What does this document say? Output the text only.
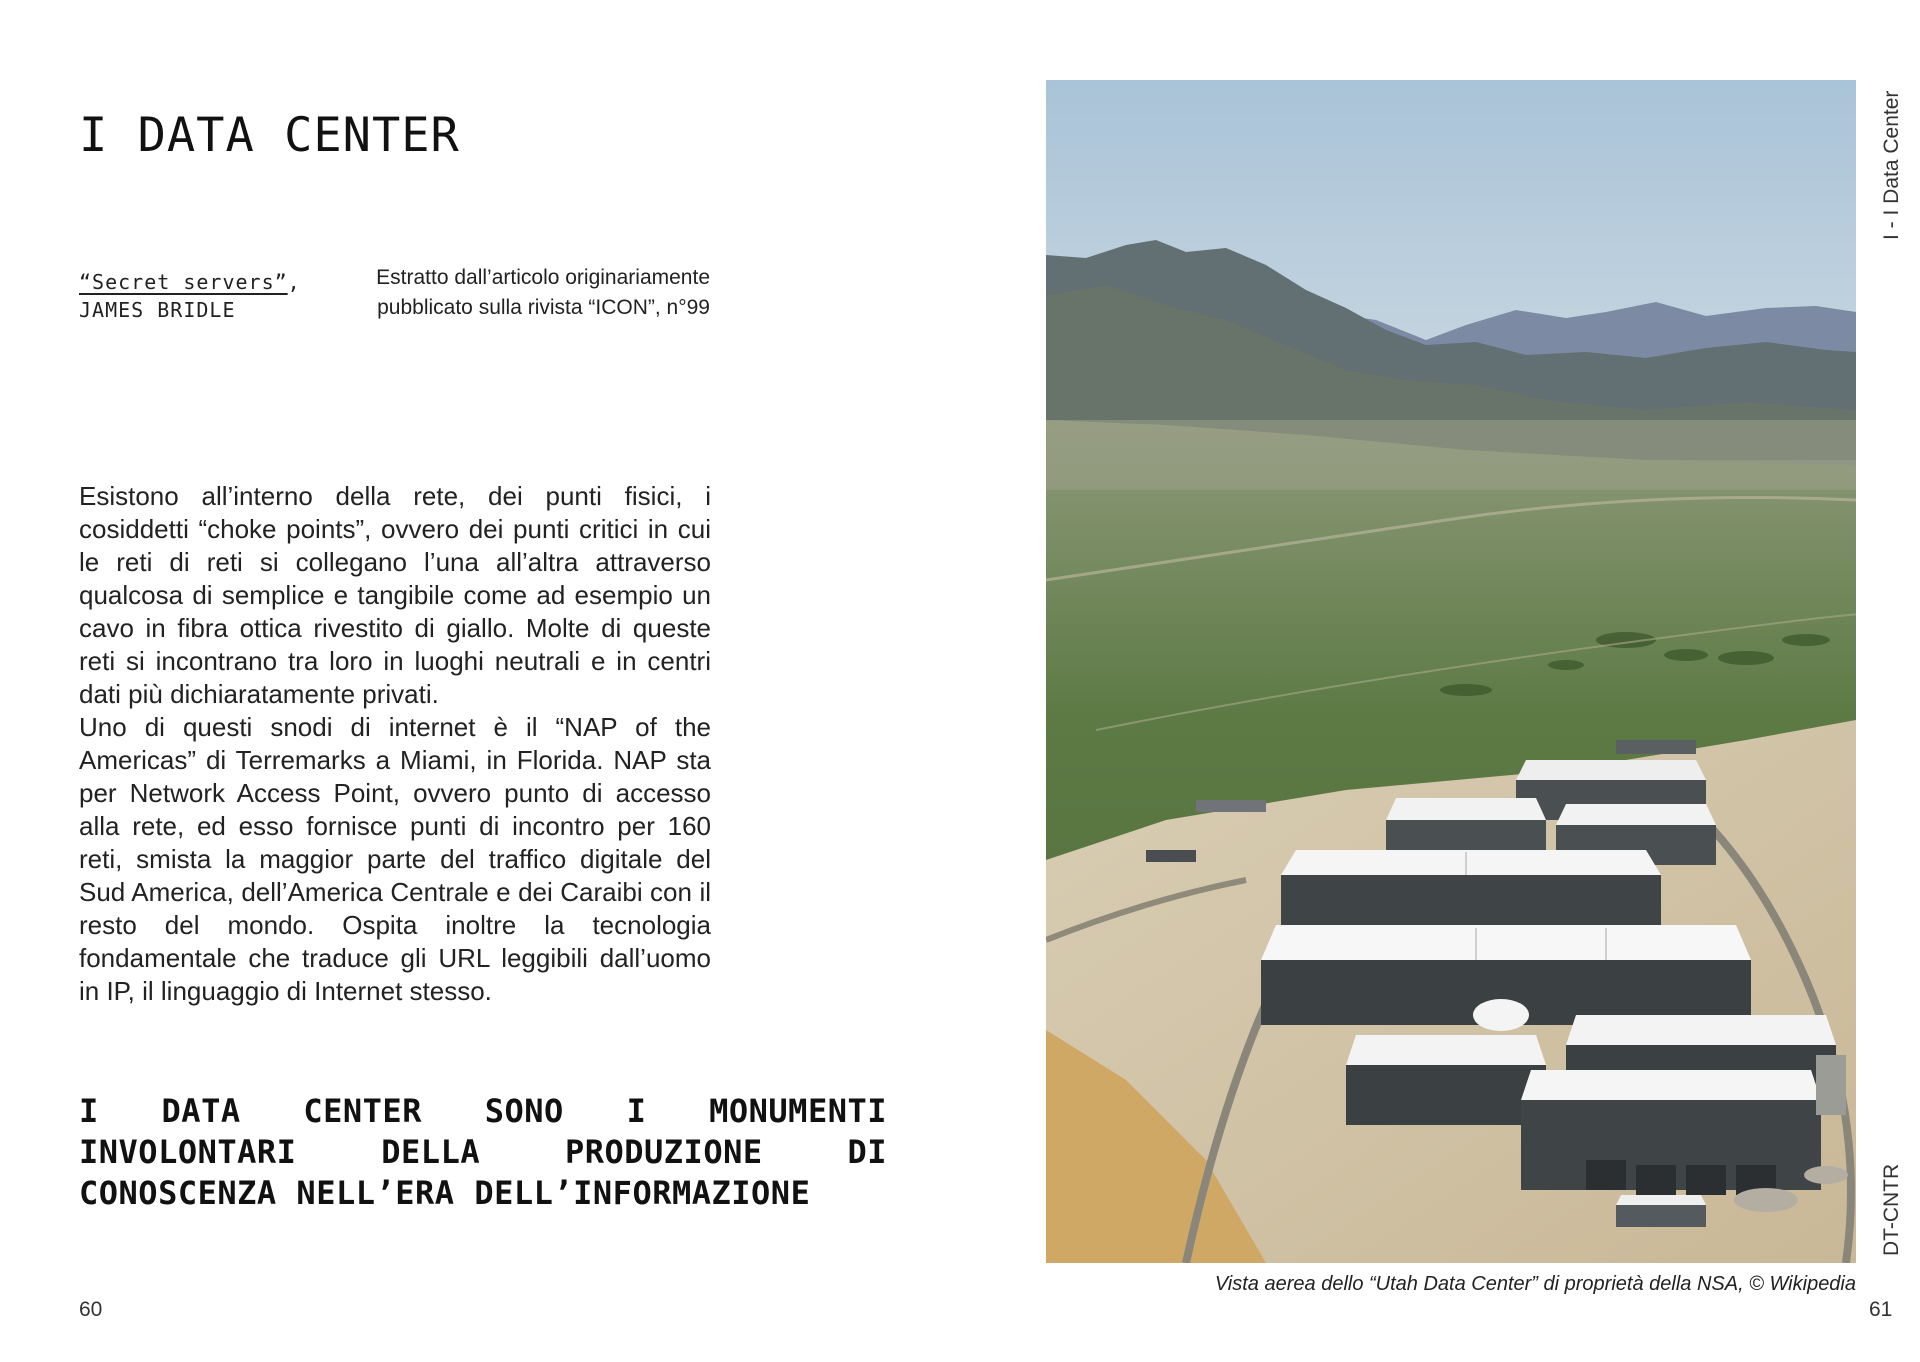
I DATA CENTER
“Secret servers”,
JAMES BRIDLE
Estratto dall’articolo originariamente
pubblicato sulla rivista “ICON”, n°99

Esistono all’interno della rete, dei punti fisici, i cosiddetti “choke points”, ovvero dei punti critici in cui le reti di reti si collegano l’una all’altra attraverso qualcosa di semplice e tangibile come ad esempio un cavo in fibra ottica rivestito di giallo. Molte di queste reti si incontrano tra loro in luoghi neutrali e in centri dati più dichiaratamente privati.

Uno di questi snodi di internet è il “NAP of the Americas” di Terremarks a Miami, in Florida. NAP sta per Network Access Point, ovvero punto di accesso alla rete, ed esso fornisce punti di incontro per 160 reti, smista la maggior parte del traffico digitale del Sud America, dell’America Centrale e dei Caraibi con il resto del mondo. Ospita inoltre la tecnologia fondamentale che traduce gli URL leggibili dall’uomo in IP, il linguaggio di Internet stesso.

I DATA CENTER SONO I MONUMENTI INVOLONTARI DELLA PRODUZIONE DI CONOSCENZA NELL’ERA DELL’INFORMAZIONE

60
Vista aerea dello “Utah Data Center” di proprietà della NSA, © Wikipedia
I - I Data Center
DT-CNTR
61
